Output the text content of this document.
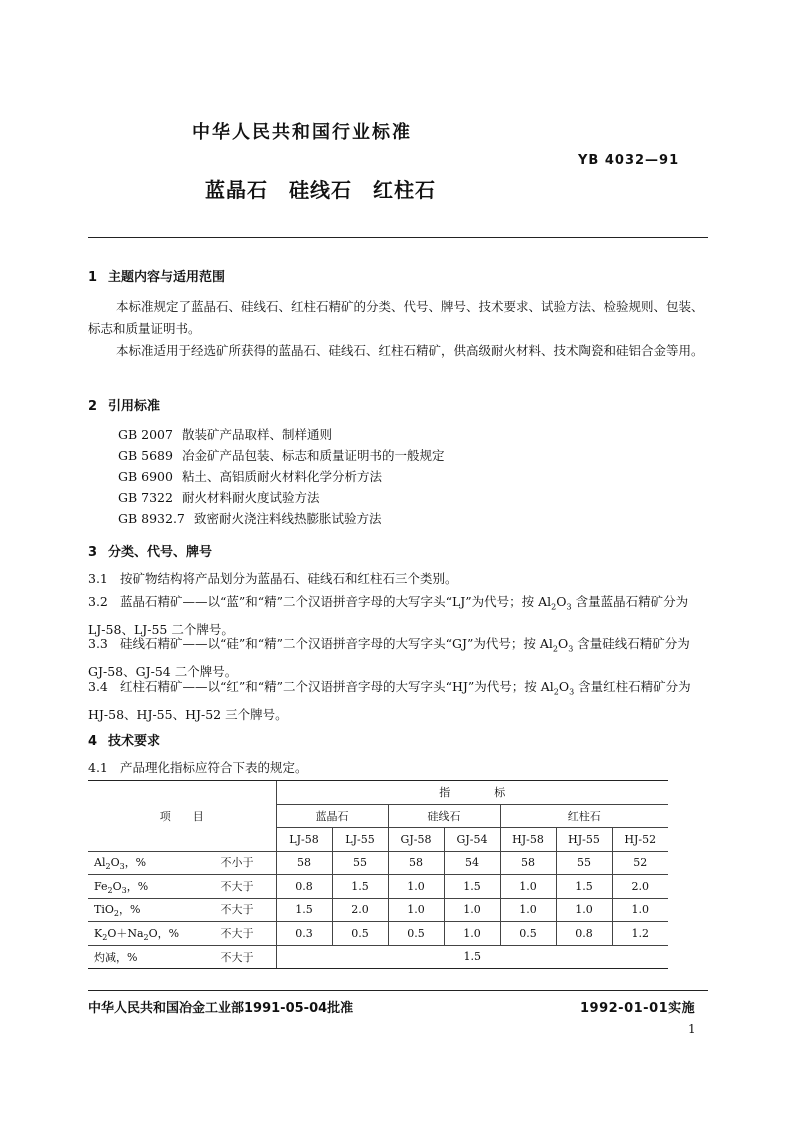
中华人民共和国行业标准
YB 4032—91
蓝晶石　硅线石　红柱石
1 主题内容与适用范围
本标准规定了蓝晶石、硅线石、红柱石精矿的分类、代号、牌号、技术要求、试验方法、检验规则、包装、标志和质量证明书。
本标准适用于经选矿所获得的蓝晶石、硅线石、红柱石精矿，供高级耐火材料、技术陶瓷和硅铝合金等用。
2 引用标准
GB 2007 散装矿产品取样、制样通则
GB 5689 冶金矿产品包装、标志和质量证明书的一般规定
GB 6900 粘土、高铝质耐火材料化学分析方法
GB 7322 耐火材料耐火度试验方法
GB 8932.7 致密耐火浇注料线热膨胀试验方法
3 分类、代号、牌号
3.1 按矿物结构将产品划分为蓝晶石、硅线石和红柱石三个类别。
3.2 蓝晶石精矿——以“蓝”和“精”二个汉语拼音字母的大写字头“LJ”为代号；按 $Al_2O_3$ 含量蓝晶石精矿分为 LJ-58、LJ-55 二个牌号。
3.3 硅线石精矿——以“硅”和“精”二个汉语拼音字母的大写字头“GJ”为代号；按 $Al_2O_3$ 含量硅线石精矿分为 GJ-58、GJ-54 二个牌号。
3.4 红柱石精矿——以“红”和“精”二个汉语拼音字母的大写字头“HJ”为代号；按 $Al_2O_3$ 含量红柱石精矿分为 HJ-58、HJ-55、HJ-52 三个牌号。
4 技术要求
4.1 产品理化指标应符合下表的规定。
项　　目	指　　　　标						
	蓝晶石		硅线石		红柱石		
	LJ-58	LJ-55	GJ-58	GJ-54	HJ-58	HJ-55	HJ-52
$Al_2O_3$，% 不小于	58	55	58	54	58	55	52
$Fe_2O_3$，% 不大于	0.8	1.5	1.0	1.5	1.0	1.5	2.0
TiO$_2$，% 不大于	1.5	2.0	1.0	1.0	1.0	1.0	1.0
$K_2O+Na_2O$，% 不大于	0.3	0.5	0.5	1.0	0.5	0.8	1.2
灼减，% 不大于	1.5						
中华人民共和国冶金工业部1991-05-04批准	1992-01-01实施
1
